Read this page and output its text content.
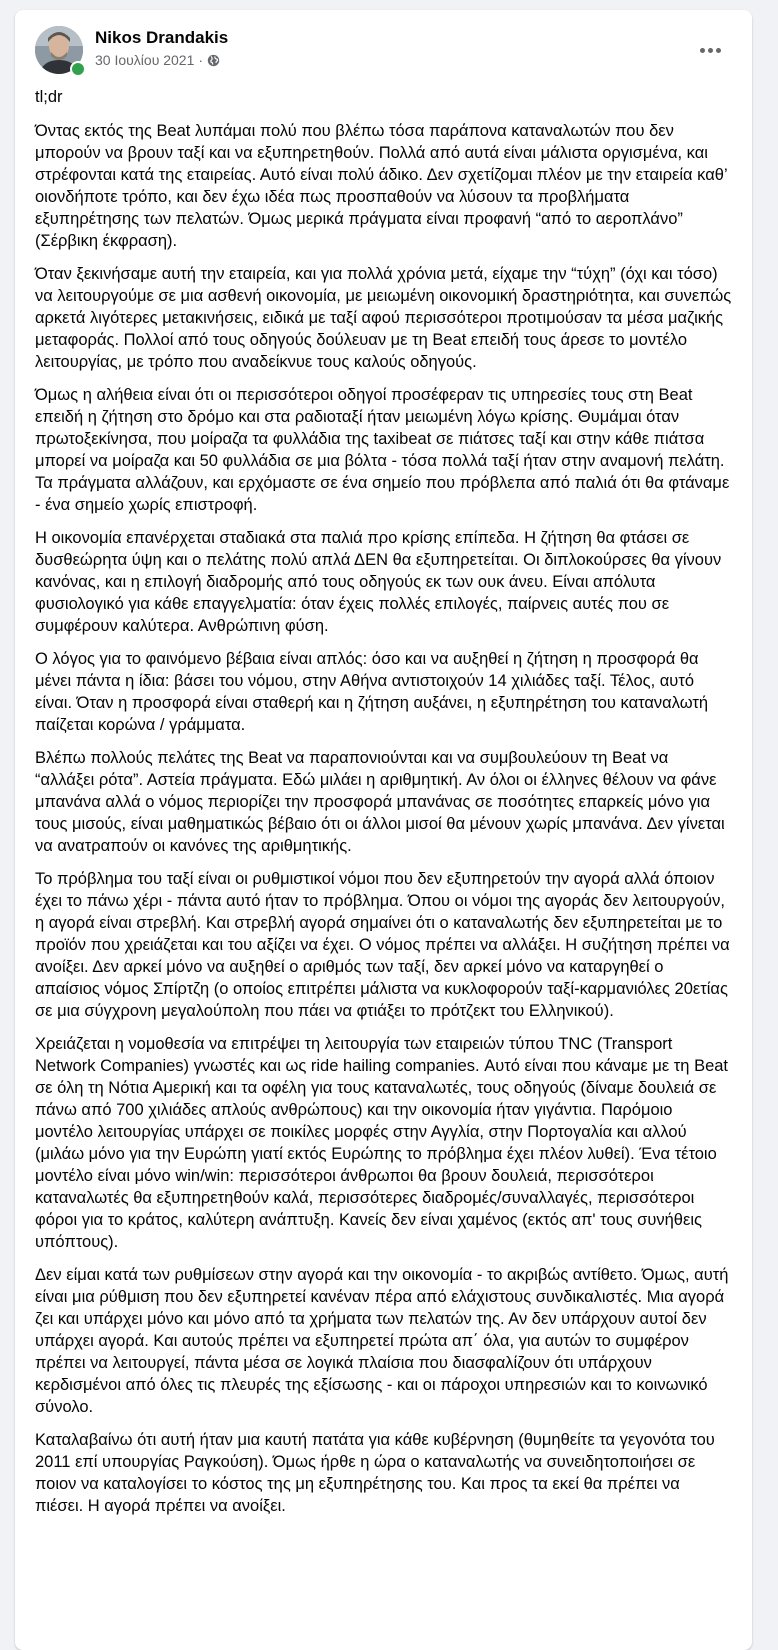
Nikos Drandakis
30 Ιουλίου 2021 ·

tl;dr

Όντας εκτός της Beat λυπάμαι πολύ που βλέπω τόσα παράπονα καταναλωτών που δεν μπορούν να βρουν ταξί και να εξυπηρετηθούν. Πολλά από αυτά είναι μάλιστα οργισμένα, και στρέφονται κατά της εταιρείας. Αυτό είναι πολύ άδικο. Δεν σχετίζομαι πλέον με την εταιρεία καθ’ οιονδήποτε τρόπο, και δεν έχω ιδέα πως προσπαθούν να λύσουν τα προβλήματα εξυπηρέτησης των πελατών. Όμως μερικά πράγματα είναι προφανή “από το αεροπλάνο” (Σέρβικη έκφραση).

Όταν ξεκινήσαμε αυτή την εταιρεία, και για πολλά χρόνια μετά, είχαμε την “τύχη” (όχι και τόσο) να λειτουργούμε σε μια ασθενή οικονομία, με μειωμένη οικονομική δραστηριότητα, και συνεπώς αρκετά λιγότερες μετακινήσεις, ειδικά με ταξί αφού περισσότεροι προτιμούσαν τα μέσα μαζικής μεταφοράς. Πολλοί από τους οδηγούς δούλευαν με τη Beat επειδή τους άρεσε το μοντέλο λειτουργίας, με τρόπο που αναδείκνυε τους καλούς οδηγούς.

Όμως η αλήθεια είναι ότι οι περισσότεροι οδηγοί προσέφεραν τις υπηρεσίες τους στη Beat επειδή η ζήτηση στο δρόμο και στα ραδιοταξί ήταν μειωμένη λόγω κρίσης. Θυμάμαι όταν πρωτοξεκίνησα, που μοίραζα τα φυλλάδια της taxibeat σε πιάτσες ταξί και στην κάθε πιάτσα μπορεί να μοίραζα και 50 φυλλάδια σε μια βόλτα - τόσα πολλά ταξί ήταν στην αναμονή πελάτη. Τα πράγματα αλλάζουν, και ερχόμαστε σε ένα σημείο που πρόβλεπα από παλιά ότι θα φτάναμε - ένα σημείο χωρίς επιστροφή.

Η οικονομία επανέρχεται σταδιακά στα παλιά προ κρίσης επίπεδα. Η ζήτηση θα φτάσει σε δυσθεώρητα ύψη και ο πελάτης πολύ απλά ΔΕΝ θα εξυπηρετείται. Οι διπλοκούρσες θα γίνουν κανόνας, και η επιλογή διαδρομής από τους οδηγούς εκ των ουκ άνευ. Είναι απόλυτα φυσιολογικό για κάθε επαγγελματία: όταν έχεις πολλές επιλογές, παίρνεις αυτές που σε συμφέρουν καλύτερα. Ανθρώπινη φύση.

Ο λόγος για το φαινόμενο βέβαια είναι απλός: όσο και να αυξηθεί η ζήτηση η προσφορά θα μένει πάντα η ίδια: βάσει του νόμου, στην Αθήνα αντιστοιχούν 14 χιλιάδες ταξί. Τέλος, αυτό είναι. Όταν η προσφορά είναι σταθερή και η ζήτηση αυξάνει, η εξυπηρέτηση του καταναλωτή παίζεται κορώνα / γράμματα.

Βλέπω πολλούς πελάτες της Beat να παραπονιούνται και να συμβουλεύουν τη Beat να “αλλάξει ρότα”. Αστεία πράγματα. Εδώ μιλάει η αριθμητική. Αν όλοι οι έλληνες θέλουν να φάνε μπανάνα αλλά ο νόμος περιορίζει την προσφορά μπανάνας σε ποσότητες επαρκείς μόνο για τους μισούς, είναι μαθηματικώς βέβαιο ότι οι άλλοι μισοί θα μένουν χωρίς μπανάνα. Δεν γίνεται να ανατραπούν οι κανόνες της αριθμητικής.

Το πρόβλημα του ταξί είναι οι ρυθμιστικοί νόμοι που δεν εξυπηρετούν την αγορά αλλά όποιον έχει το πάνω χέρι - πάντα αυτό ήταν το πρόβλημα. Όπου οι νόμοι της αγοράς δεν λειτουργούν, η αγορά είναι στρεβλή. Και στρεβλή αγορά σημαίνει ότι ο καταναλωτής δεν εξυπηρετείται με το προϊόν που χρειάζεται και του αξίζει να έχει. Ο νόμος πρέπει να αλλάξει. Η συζήτηση πρέπει να ανοίξει. Δεν αρκεί μόνο να αυξηθεί ο αριθμός των ταξί, δεν αρκεί μόνο να καταργηθεί ο απαίσιος νόμος Σπίρτζη (ο οποίος επιτρέπει μάλιστα να κυκλοφορούν ταξί-καρμανιόλες 20ετίας σε μια σύγχρονη μεγαλούπολη που πάει να φτιάξει το πρότζεκτ του Ελληνικού).

Χρειάζεται η νομοθεσία να επιτρέψει τη λειτουργία των εταιρειών τύπου TNC (Transport Network Companies) γνωστές και ως ride hailing companies. Αυτό είναι που κάναμε με τη Beat σε όλη τη Νότια Αμερική και τα οφέλη για τους καταναλωτές, τους οδηγούς (δίναμε δουλειά σε πάνω από 700 χιλιάδες απλούς ανθρώπους) και την οικονομία ήταν γιγάντια. Παρόμοιο μοντέλο λειτουργίας υπάρχει σε ποικίλες μορφές στην Αγγλία, στην Πορτογαλία και αλλού (μιλάω μόνο για την Ευρώπη γιατί εκτός Ευρώπης το πρόβλημα έχει πλέον λυθεί). Ένα τέτοιο μοντέλο είναι μόνο win/win: περισσότεροι άνθρωποι θα βρουν δουλειά, περισσότεροι καταναλωτές θα εξυπηρετηθούν καλά, περισσότερες διαδρομές/συναλλαγές, περισσότεροι φόροι για το κράτος, καλύτερη ανάπτυξη. Κανείς δεν είναι χαμένος (εκτός απ' τους συνήθεις υπόπτους).

Δεν είμαι κατά των ρυθμίσεων στην αγορά και την οικονομία - το ακριβώς αντίθετο. Όμως, αυτή είναι μια ρύθμιση που δεν εξυπηρετεί κανέναν πέρα από ελάχιστους συνδικαλιστές. Μια αγορά ζει και υπάρχει μόνο και μόνο από τα χρήματα των πελατών της. Αν δεν υπάρχουν αυτοί δεν υπάρχει αγορά. Και αυτούς πρέπει να εξυπηρετεί πρώτα απ΄ όλα, για αυτών το συμφέρον πρέπει να λειτουργεί, πάντα μέσα σε λογικά πλαίσια που διασφαλίζουν ότι υπάρχουν κερδισμένοι από όλες τις πλευρές της εξίσωσης - και οι πάροχοι υπηρεσιών και το κοινωνικό σύνολο.

Καταλαβαίνω ότι αυτή ήταν μια καυτή πατάτα για κάθε κυβέρνηση (θυμηθείτε τα γεγονότα του 2011 επί υπουργίας Ραγκούση). Όμως ήρθε η ώρα ο καταναλωτής να συνειδητοποιήσει σε ποιον να καταλογίσει το κόστος της μη εξυπηρέτησης του. Και προς τα εκεί θα πρέπει να πιέσει. Η αγορά πρέπει να ανοίξει.
